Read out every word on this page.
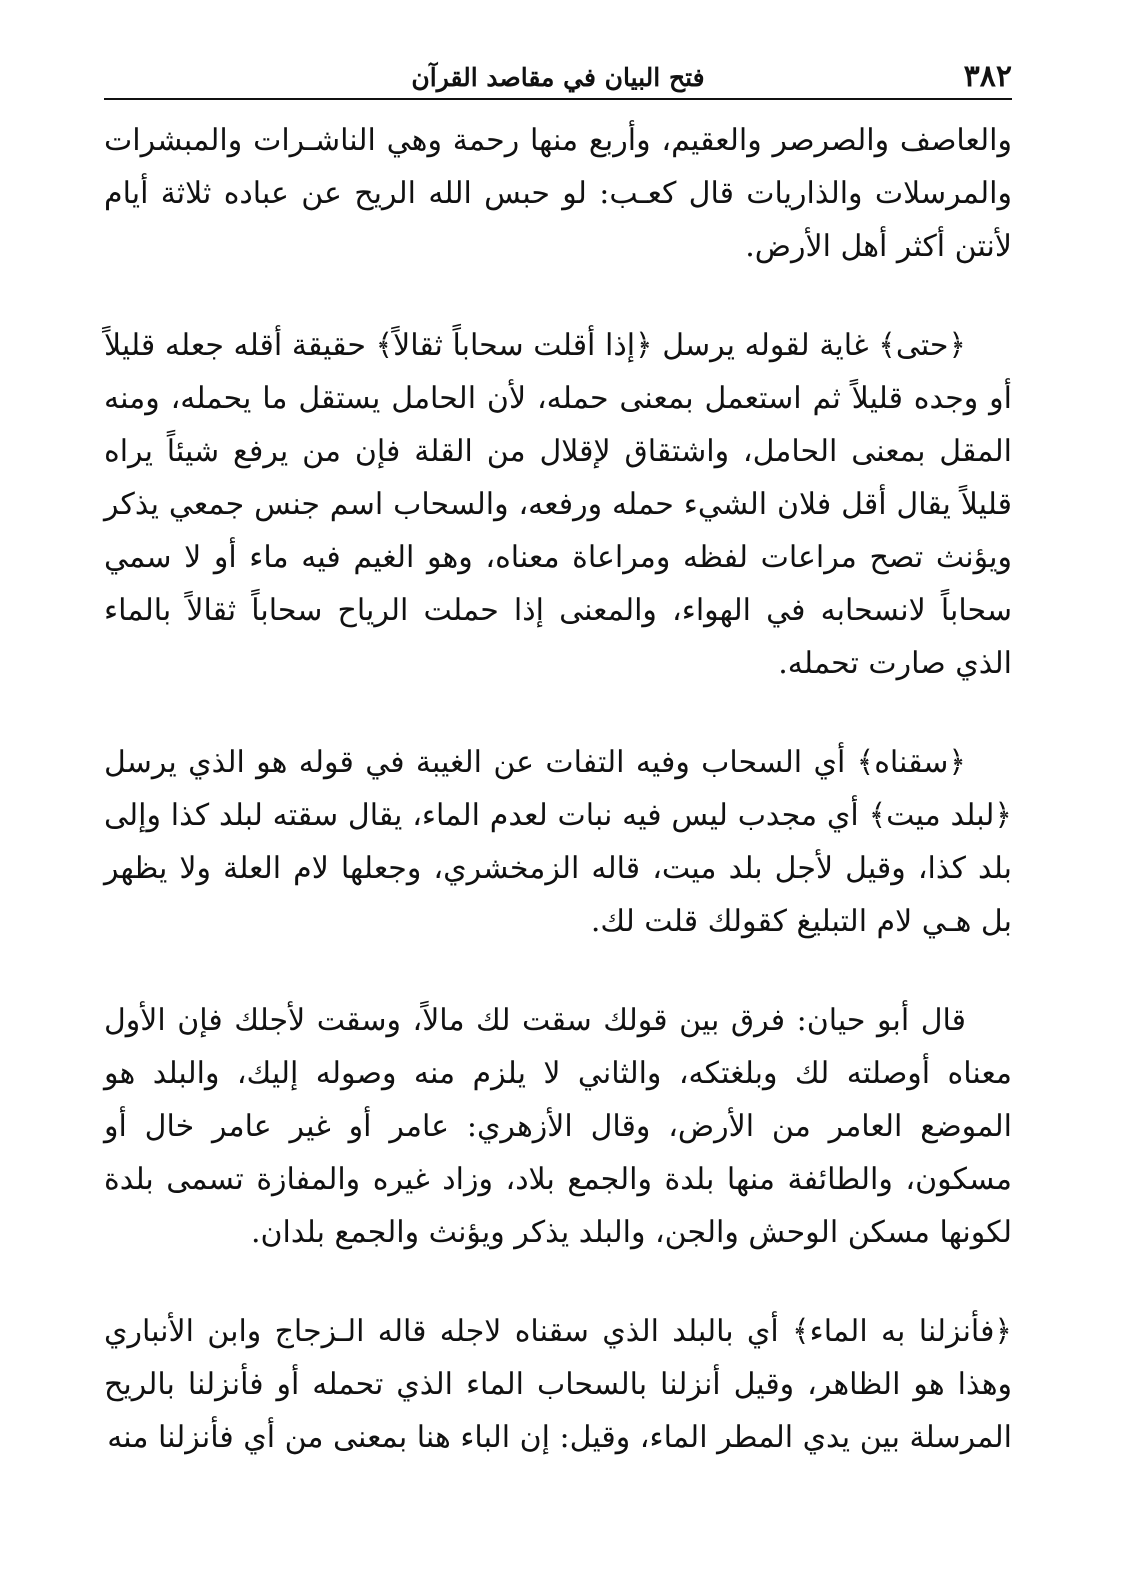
٣٨٢
فتح البيان في مقاصد القرآن

والعاصف والصرصر والعقيم، وأربع منها رحمة وهي الناشـرات والمبشرات والمرسلات والذاريات قال كعـب: لو حبس الله الريح عن عباده ثلاثة أيام لأنتن أكثر أهل الأرض.

﴿حتى﴾ غاية لقوله يرسل ﴿إذا أقلت سحاباً ثقالاً﴾ حقيقة أقله جعله قليلاً أو وجده قليلاً ثم استعمل بمعنى حمله، لأن الحامل يستقل ما يحمله، ومنه المقل بمعنى الحامل، واشتقاق لإقلال من القلة فإن من يرفع شيئاً يراه قليلاً يقال أقل فلان الشيء حمله ورفعه، والسحاب اسم جنس جمعي يذكر ويؤنث تصح مراعات لفظه ومراعاة معناه، وهو الغيم فيه ماء أو لا سمي سحاباً لانسحابه في الهواء، والمعنى إذا حملت الرياح سحاباً ثقالاً بالماء الذي صارت تحمله.

﴿سقناه﴾ أي السحاب وفيه التفات عن الغيبة في قوله هو الذي يرسل ﴿لبلد ميت﴾ أي مجدب ليس فيه نبات لعدم الماء، يقال سقته لبلد كذا وإلى بلد كذا، وقيل لأجل بلد ميت، قاله الزمخشري، وجعلها لام العلة ولا يظهر بل هـي لام التبليغ كقولك قلت لك.

قال أبو حيان: فرق بين قولك سقت لك مالاً، وسقت لأجلك فإن الأول معناه أوصلته لك وبلغتكه، والثاني لا يلزم منه وصوله إليك، والبلد هو الموضع العامر من الأرض، وقال الأزهري: عامر أو غير عامر خال أو مسكون، والطائفة منها بلدة والجمع بلاد، وزاد غيره والمفازة تسمى بلدة لكونها مسكن الوحش والجن، والبلد يذكر ويؤنث والجمع بلدان.

﴿فأنزلنا به الماء﴾ أي بالبلد الذي سقناه لاجله قاله الـزجاج وابن الأنباري وهذا هو الظاهر، وقيل أنزلنا بالسحاب الماء الذي تحمله أو فأنزلنا بالريح المرسلة بين يدي المطر الماء، وقيل: إن الباء هنا بمعنى من أي فأنزلنا منه
